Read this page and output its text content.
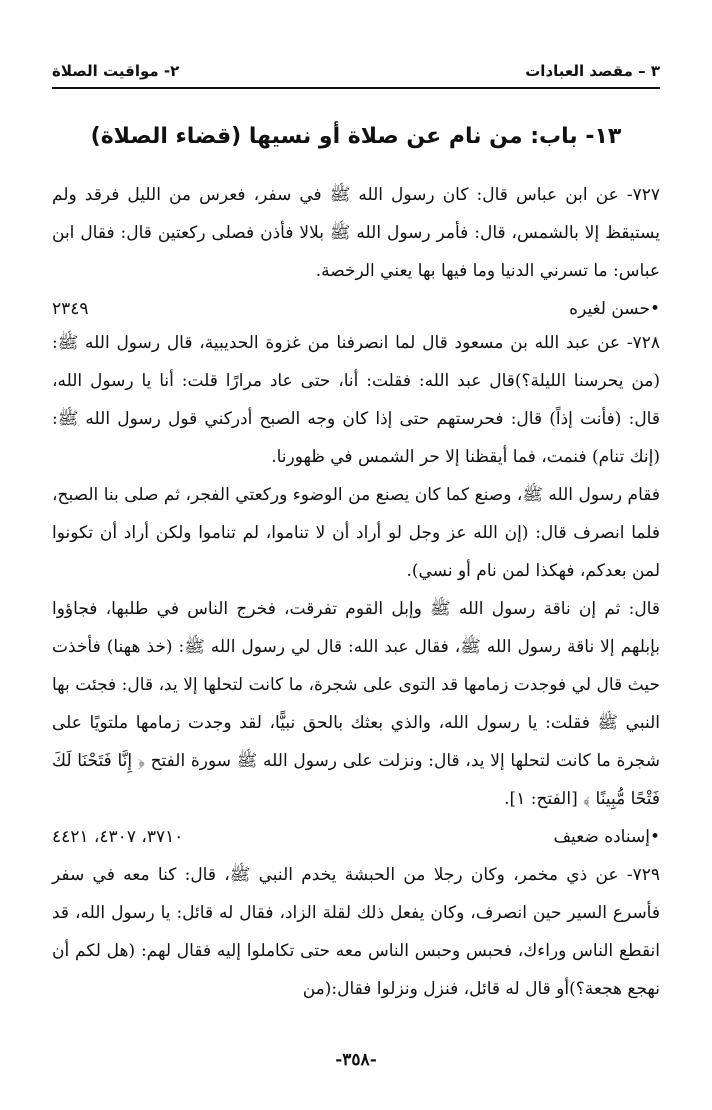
٣ – مقصد العبادات
٢- مواقيت الصلاة
١٣- باب: من نام عن صلاة أو نسيها (قضاء الصلاة)
٧٢٧- عن ابن عباس قال: كان رسول الله ﷺ في سفر، فعرس من الليل فرقد ولم يستيقظ إلا بالشمس، قال: فأمر رسول الله ﷺ بلالا فأذن فصلى ركعتين قال: فقال ابن عباس: ما تسرني الدنيا وما فيها بها يعني الرخصة.
•حسن لغيره
٢٣٤٩
٧٢٨- عن عبد الله بن مسعود قال لما انصرفنا من غزوة الحديبية، قال رسول الله ﷺ: (من يحرسنا الليلة؟)قال عبد الله: فقلت: أنا، حتى عاد مرارًا قلت: أنا يا رسول الله، قال: (فأنت إذاً) قال: فحرستهم حتى إذا كان وجه الصبح أدركني قول رسول الله ﷺ: (إنك تنام) فنمت، فما أيقظنا إلا حر الشمس في ظهورنا.
فقام رسول الله ﷺ، وصنع كما كان يصنع من الوضوء وركعتي الفجر، ثم صلى بنا الصبح، فلما انصرف قال: (إن الله عز وجل لو أراد أن لا تناموا، لم تناموا ولكن أراد أن تكونوا لمن بعدكم، فهكذا لمن نام أو نسي).
قال: ثم إن ناقة رسول الله ﷺ وإبل القوم تفرقت، فخرج الناس في طلبها، فجاؤوا بإبلهم إلا ناقة رسول الله ﷺ، فقال عبد الله: قال لي رسول الله ﷺ: (خذ ههنا) فأخذت حيث قال لي فوجدت زمامها قد التوى على شجرة، ما كانت لتحلها إلا يد، قال: فجئت بها النبي ﷺ فقلت: يا رسول الله، والذي بعثك بالحق نبيًّا، لقد وجدت زمامها ملتويًا على شجرة ما كانت لتحلها إلا يد، قال: ونزلت على رسول الله ﷺ سورة الفتح ﴿ إِنَّا فَتَحْنَا لَكَ فَتْحًا مُّبِينًا ﴾ [الفتح: ١].
•إسناده ضعيف
٣٧١٠، ٤٣٠٧، ٤٤٢١
٧٢٩- عن ذي مخمر، وكان رجلا من الحبشة يخدم النبي ﷺ، قال: كنا معه في سفر فأسرع السير حين انصرف، وكان يفعل ذلك لقلة الزاد، فقال له قائل: يا رسول الله، قد انقطع الناس وراءك، فحبس وحبس الناس معه حتى تكاملوا إليه فقال لهم: (هل لكم أن نهجع هجعة؟)أو قال له قائل، فنزل ونزلوا فقال:(من
-٣٥٨-
